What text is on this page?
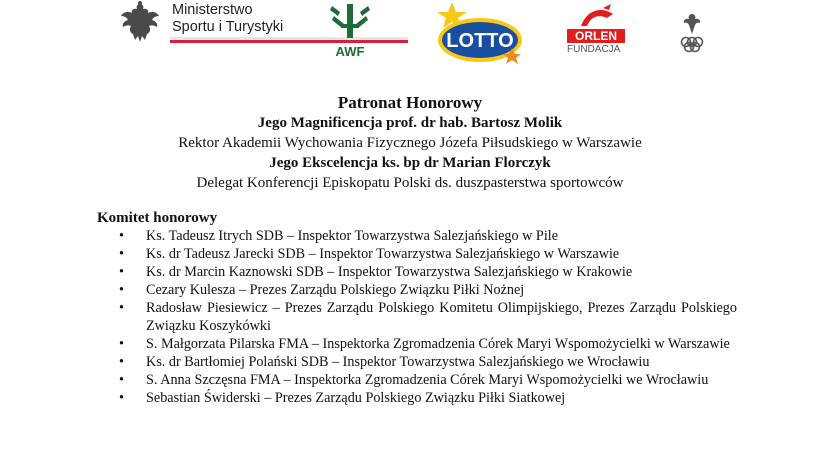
Ministerstwo
Sportu i Turystyki
AWF	LOTTO	ORLEN
FUNDACJA
Patronat Honorowy
Jego Magnificencja prof. dr hab. Bartosz Molik
Rektor Akademii Wychowania Fizycznego Józefa Piłsudskiego w Warszawie
Jego Ekscelencja ks. bp dr Marian Florczyk
Delegat Konferencji Episkopatu Polski ds. duszpasterstwa sportowców
Komitet honorowy
• Ks. Tadeusz Itrych SDB – Inspektor Towarzystwa Salezjańskiego w Pile
• Ks. dr Tadeusz Jarecki SDB – Inspektor Towarzystwa Salezjańskiego w Warszawie
• Ks. dr Marcin Kaznowski SDB – Inspektor Towarzystwa Salezjańskiego w Krakowie
• Cezary Kulesza – Prezes Zarządu Polskiego Związku Piłki Nożnej
• Radosław Piesiewicz – Prezes Zarządu Polskiego Komitetu Olimpijskiego, Prezes Zarządu Polskiego Związku Koszykówki
• S. Małgorzata Pilarska FMA – Inspektorka Zgromadzenia Córek Maryi Wspomożycielki w Warszawie
• Ks. dr Bartłomiej Polański SDB – Inspektor Towarzystwa Salezjańskiego we Wrocławiu
• S. Anna Szczęsna FMA – Inspektorka Zgromadzenia Córek Maryi Wspomożycielki we Wrocławiu
• Sebastian Świderski – Prezes Zarządu Polskiego Związku Piłki Siatkowej
